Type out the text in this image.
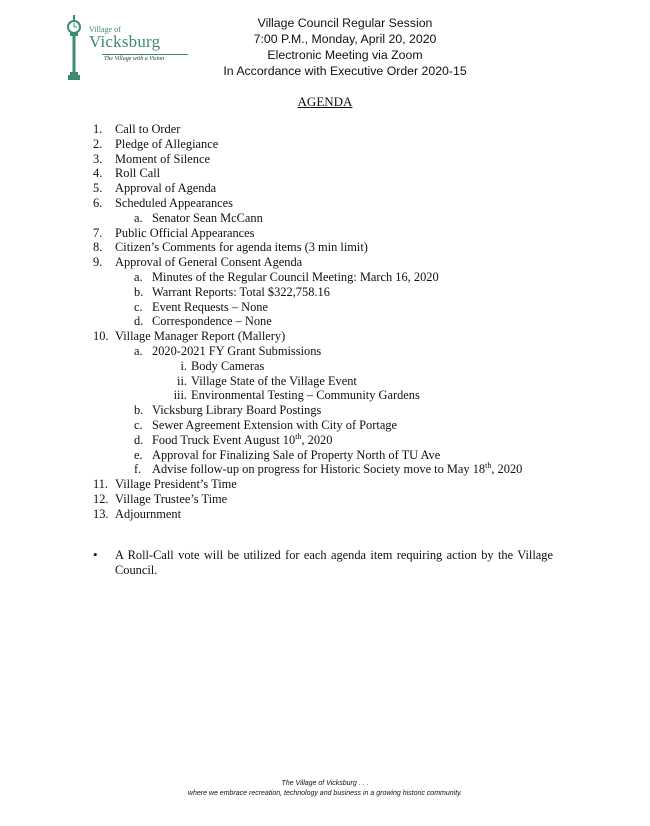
Village of
Vicksburg
The Village with a Vision
Village Council Regular Session
7:00 P.M., Monday, April 20, 2020
Electronic Meeting via Zoom
In Accordance with Executive Order 2020-15
AGENDA
1. Call to Order
2. Pledge of Allegiance
3. Moment of Silence
4. Roll Call
5. Approval of Agenda
6. Scheduled Appearances
a. Senator Sean McCann
7. Public Official Appearances
8. Citizen’s Comments for agenda items (3 min limit)
9. Approval of General Consent Agenda
a. Minutes of the Regular Council Meeting: March 16, 2020
b. Warrant Reports: Total $322,758.16
c. Event Requests – None
d. Correspondence – None
10. Village Manager Report (Mallery)
a. 2020-2021 FY Grant Submissions
i. Body Cameras
ii. Village State of the Village Event
iii. Environmental Testing – Community Gardens
b. Vicksburg Library Board Postings
c. Sewer Agreement Extension with City of Portage
d. Food Truck Event August 10th, 2020
e. Approval for Finalizing Sale of Property North of TU Ave
f. Advise follow-up on progress for Historic Society move to May 18th, 2020
11. Village President’s Time
12. Village Trustee’s Time
13. Adjournment
• A Roll-Call vote will be utilized for each agenda item requiring action by the Village Council.
The Village of Vicksburg . . .
where we embrace recreation, technology and business in a growing historic community.
